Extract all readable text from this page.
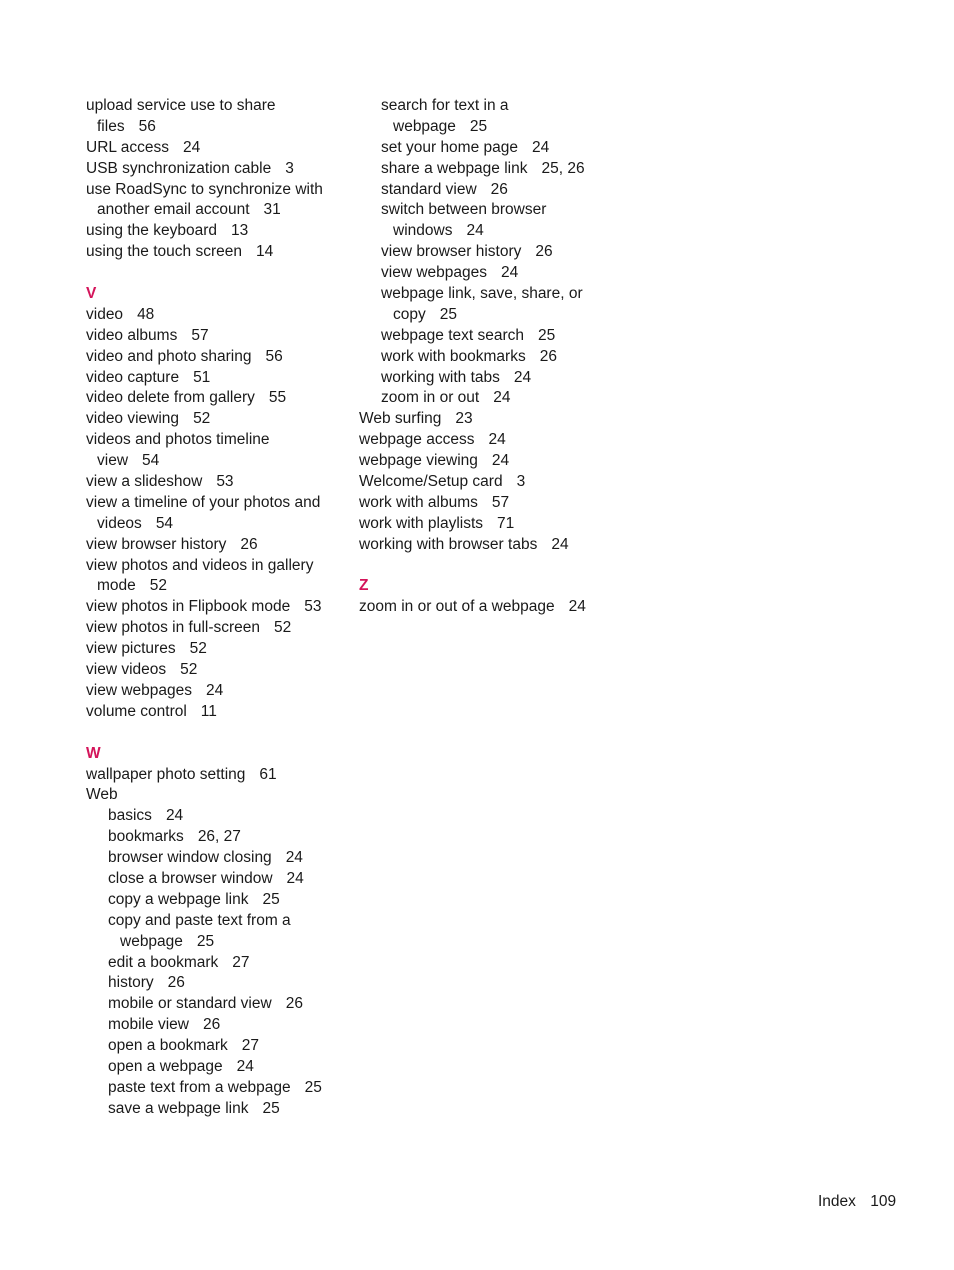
upload service use to share
files 56
URL access 24
USB synchronization cable 3
use RoadSync to synchronize with
another email account 31
using the keyboard 13
using the touch screen 14
V
video 48
video albums 57
video and photo sharing 56
video capture 51
video delete from gallery 55
video viewing 52
videos and photos timeline
view 54
view a slideshow 53
view a timeline of your photos and
videos 54
view browser history 26
view photos and videos in gallery
mode 52
view photos in Flipbook mode 53
view photos in full-screen 52
view pictures 52
view videos 52
view webpages 24
volume control 11
W
wallpaper photo setting 61
Web
basics 24
bookmarks 26, 27
browser window closing 24
close a browser window 24
copy a webpage link 25
copy and paste text from a
webpage 25
edit a bookmark 27
history 26
mobile or standard view 26
mobile view 26
open a bookmark 27
open a webpage 24
paste text from a webpage 25
save a webpage link 25
search for text in a
webpage 25
set your home page 24
share a webpage link 25, 26
standard view 26
switch between browser
windows 24
view browser history 26
view webpages 24
webpage link, save, share, or
copy 25
webpage text search 25
work with bookmarks 26
working with tabs 24
zoom in or out 24
Web surfing 23
webpage access 24
webpage viewing 24
Welcome/Setup card 3
work with albums 57
work with playlists 71
working with browser tabs 24
Z
zoom in or out of a webpage 24
Index 109
